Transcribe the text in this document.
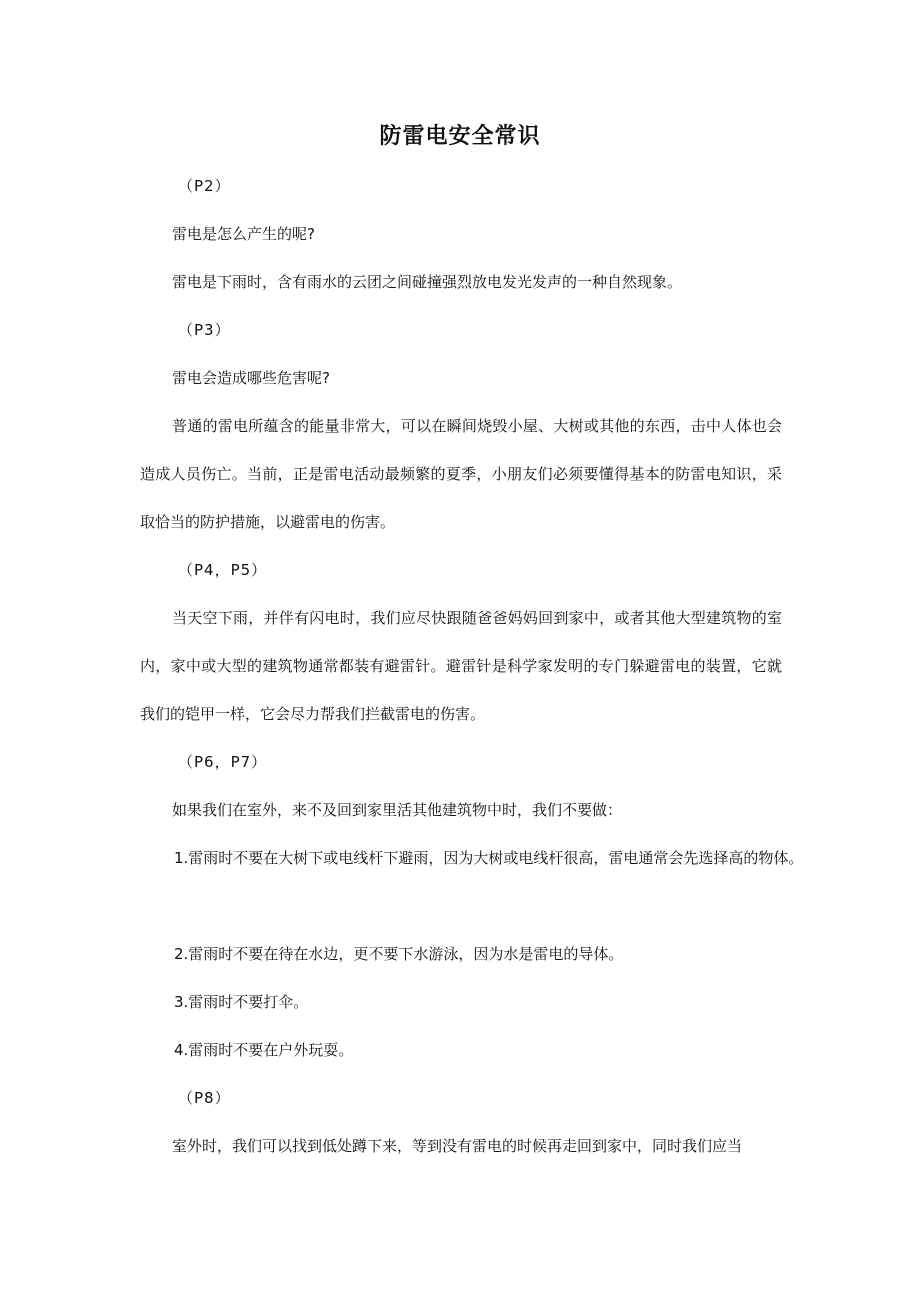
防雷电安全常识
（P2）
雷电是怎么产生的呢?
雷电是下雨时，含有雨水的云团之间碰撞强烈放电发光发声的一种自然现象。
（P3）
雷电会造成哪些危害呢?
普通的雷电所蕴含的能量非常大，可以在瞬间烧毁小屋、大树或其他的东西，击中人体也会造成人员伤亡。当前，正是雷电活动最频繁的夏季，小朋友们必须要懂得基本的防雷电知识，采取恰当的防护措施，以避雷电的伤害。
（P4，P5）
当天空下雨，并伴有闪电时，我们应尽快跟随爸爸妈妈回到家中，或者其他大型建筑物的室内，家中或大型的建筑物通常都装有避雷针。避雷针是科学家发明的专门躲避雷电的装置，它就我们的铠甲一样，它会尽力帮我们拦截雷电的伤害。
（P6，P7）
如果我们在室外，来不及回到家里活其他建筑物中时，我们不要做：
1.雷雨时不要在大树下或电线杆下避雨，因为大树或电线杆很高，雷电通常会先选择高的物体。
2.雷雨时不要在待在水边，更不要下水游泳，因为水是雷电的导体。
3.雷雨时不要打伞。
4.雷雨时不要在户外玩耍。
（P8）
室外时，我们可以找到低处蹲下来，等到没有雷电的时候再走回到家中，同时我们应当
